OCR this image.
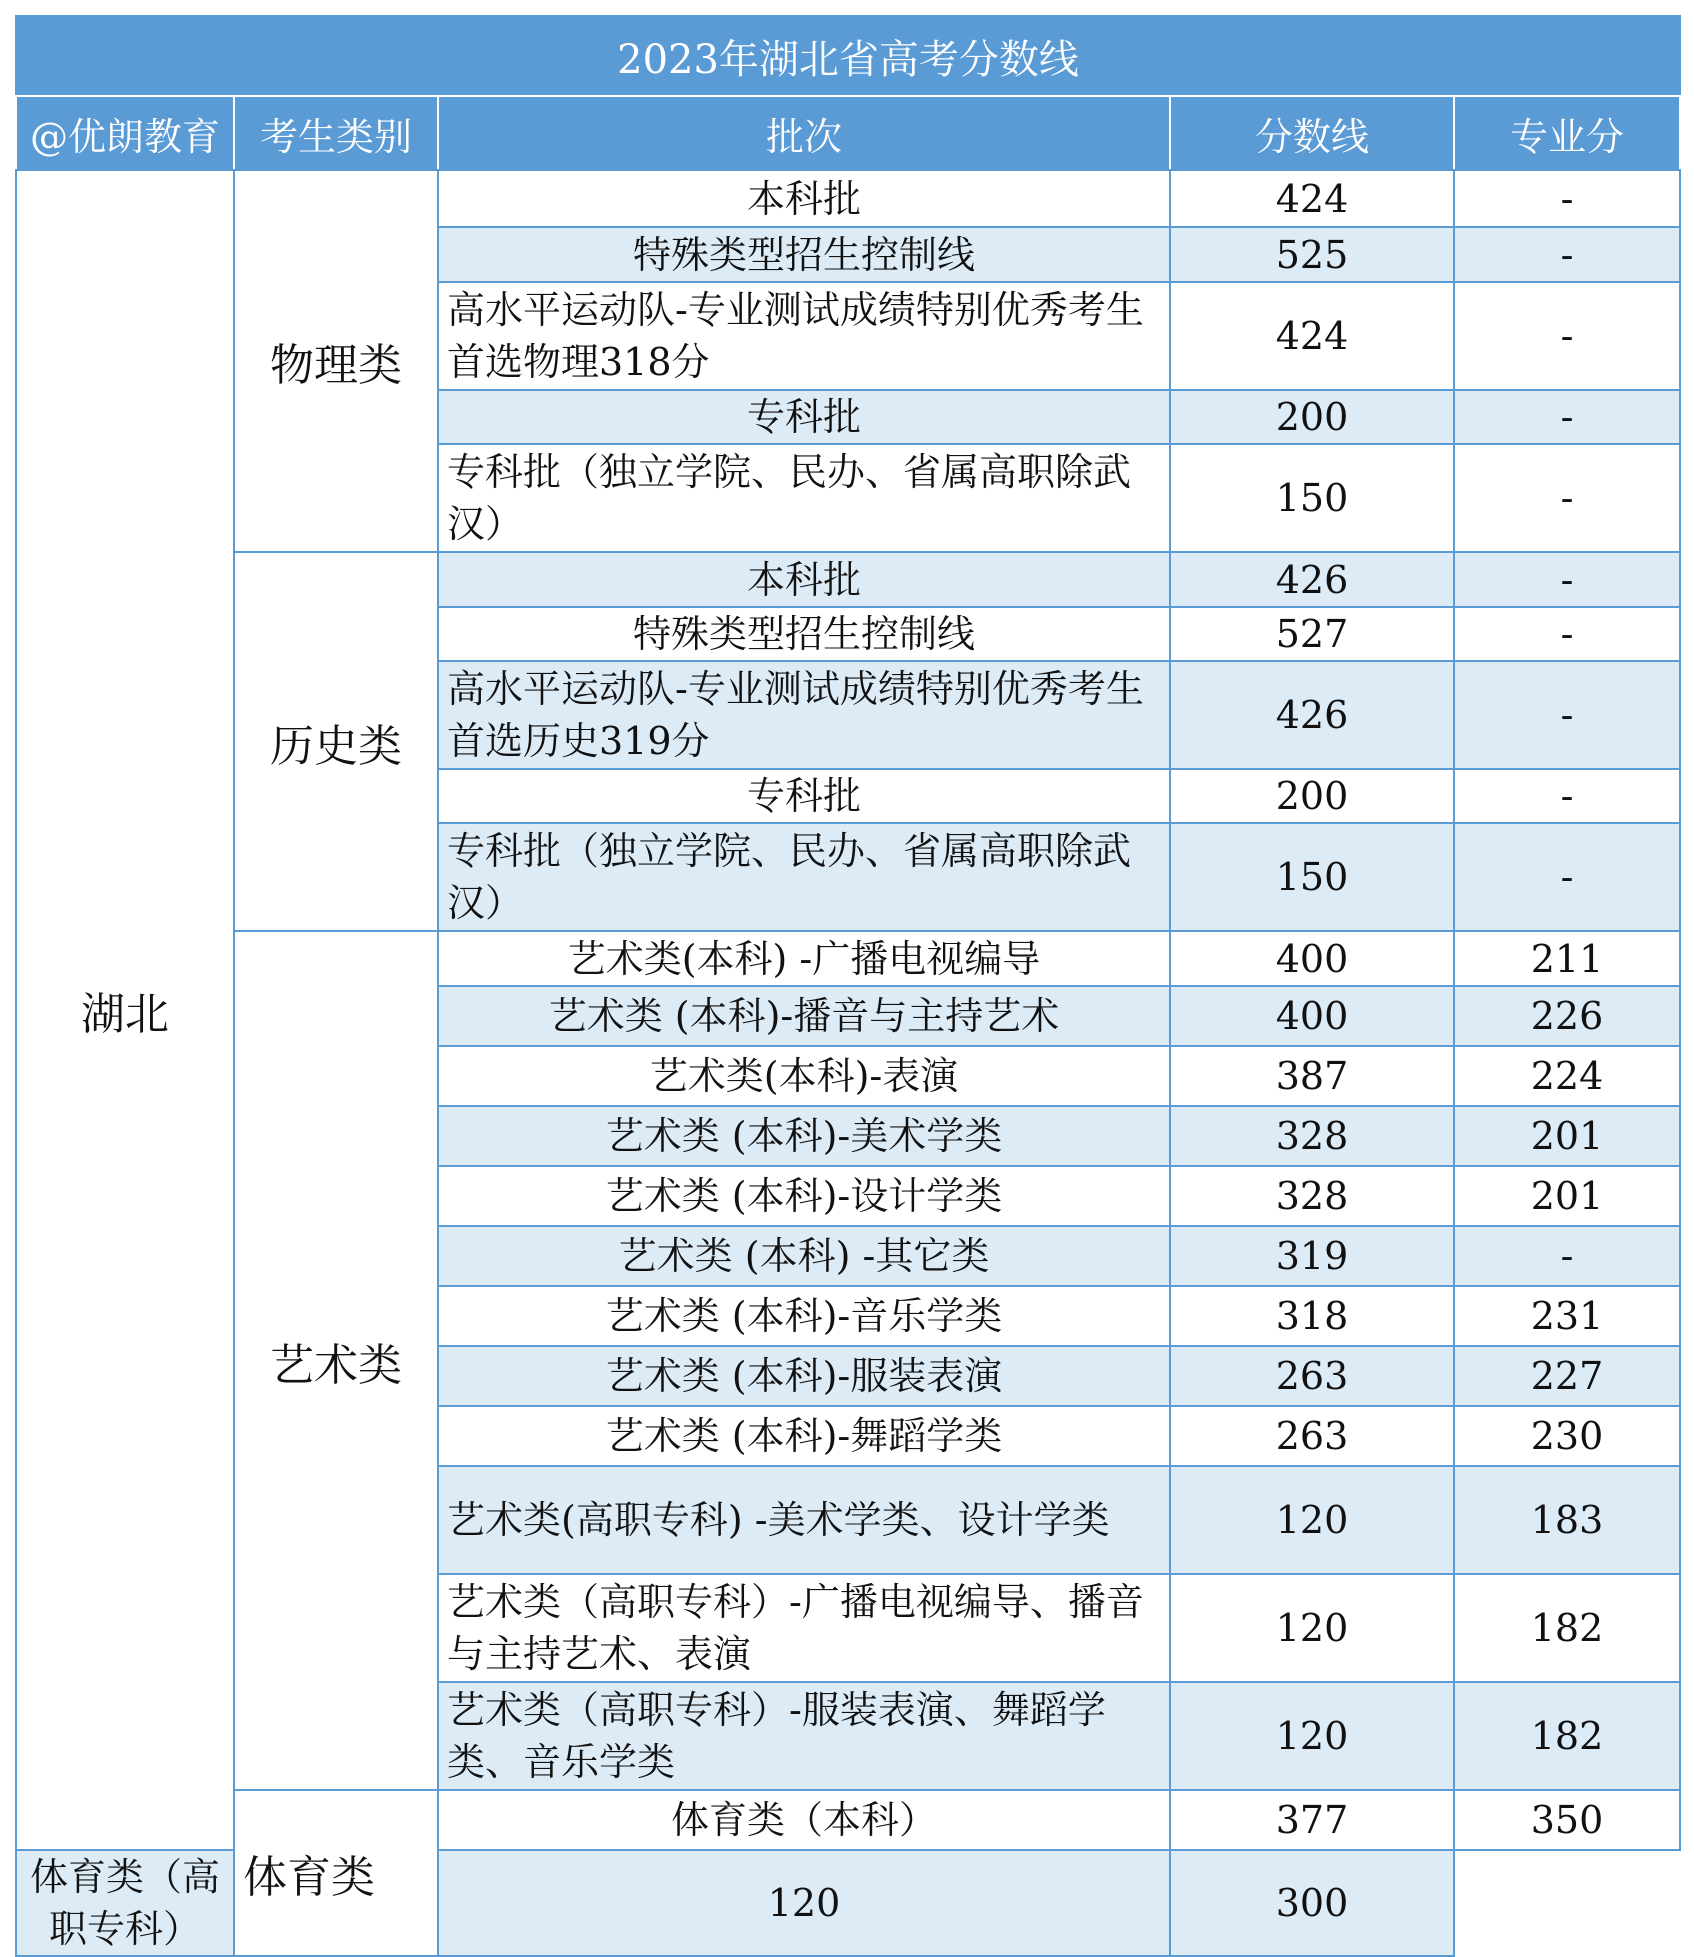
2023年湖北省高考分数线				
@优朗教育	考生类别	批次	分数线	专业分
湖北	物理类	本科批	424	-
		特殊类型招生控制线	525	-
		高水平运动队-专业测试成绩特别优秀考生首选物理318分	424	-
		专科批	200	-
		专科批（独立学院、民办、省属高职除武汉）	150	-
	历史类	本科批	426	-
		特殊类型招生控制线	527	-
		高水平运动队-专业测试成绩特别优秀考生首选历史319分	426	-
		专科批	200	-
		专科批（独立学院、民办、省属高职除武汉）	150	-
	艺术类	艺术类(本科) -广播电视编导	400	211
		艺术类 (本科)-播音与主持艺术	400	226
		艺术类(本科)-表演	387	224
		艺术类 (本科)-美术学类	328	201
		艺术类 (本科)-设计学类	328	201
		艺术类 (本科) -其它类	319	-
		艺术类 (本科)-音乐学类	318	231
		艺术类 (本科)-服装表演	263	227
		艺术类 (本科)-舞蹈学类	263	230
		艺术类(高职专科) -美术学类、设计学类	120	183
		艺术类（高职专科）-广播电视编导、播音与主持艺术、表演	120	182
		艺术类（高职专科）-服装表演、舞蹈学类、音乐学类	120	182
	体育类	体育类（本科）	377	350
体育类（高职专科）		120	300	
